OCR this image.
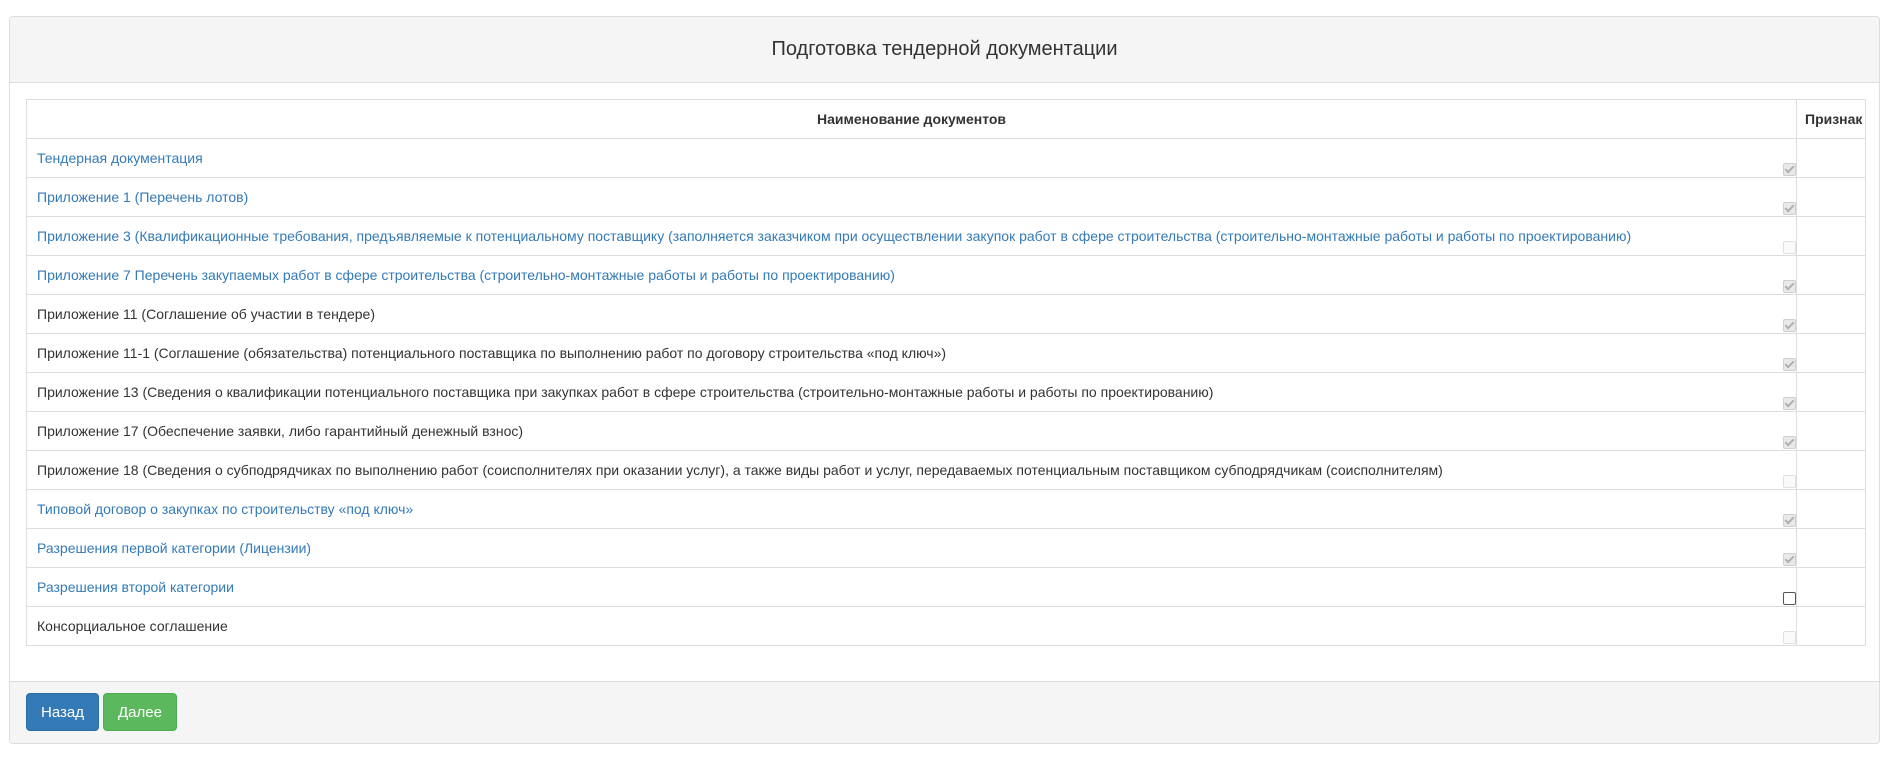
Подготовка тендерной документации
Наименование документов	Признак

Тендерная документация	

Приложение 1 (Перечень лотов)	

Приложение 3 (Квалификационные требования, предъявляемые к потенциальному поставщику (заполняется заказчиком при осуществлении закупок работ в сфере строительства (строительно-монтажные работы и работы по проектированию)	

Приложение 7 Перечень закупаемых работ в сфере строительства (строительно-монтажные работы и работы по проектированию)	

Приложение 11 (Соглашение об участии в тендере)	

Приложение 11-1 (Соглашение (обязательства) потенциального поставщика по выполнению работ по договору строительства «под ключ»)	

Приложение 13 (Сведения о квалификации потенциального поставщика при закупках работ в сфере строительства (строительно-монтажные работы и работы по проектированию)	

Приложение 17 (Обеспечение заявки, либо гарантийный денежный взнос)	

Приложение 18 (Сведения о субподрядчиках по выполнению работ (соисполнителях при оказании услуг), а также виды работ и услуг, передаваемых потенциальным поставщиком субподрядчикам (соисполнителям)	

Типовой договор о закупках по строительству «под ключ»	

Разрешения первой категории (Лицензии)	

Разрешения второй категории	

Консорциальное соглашение	

Назад	Далее
